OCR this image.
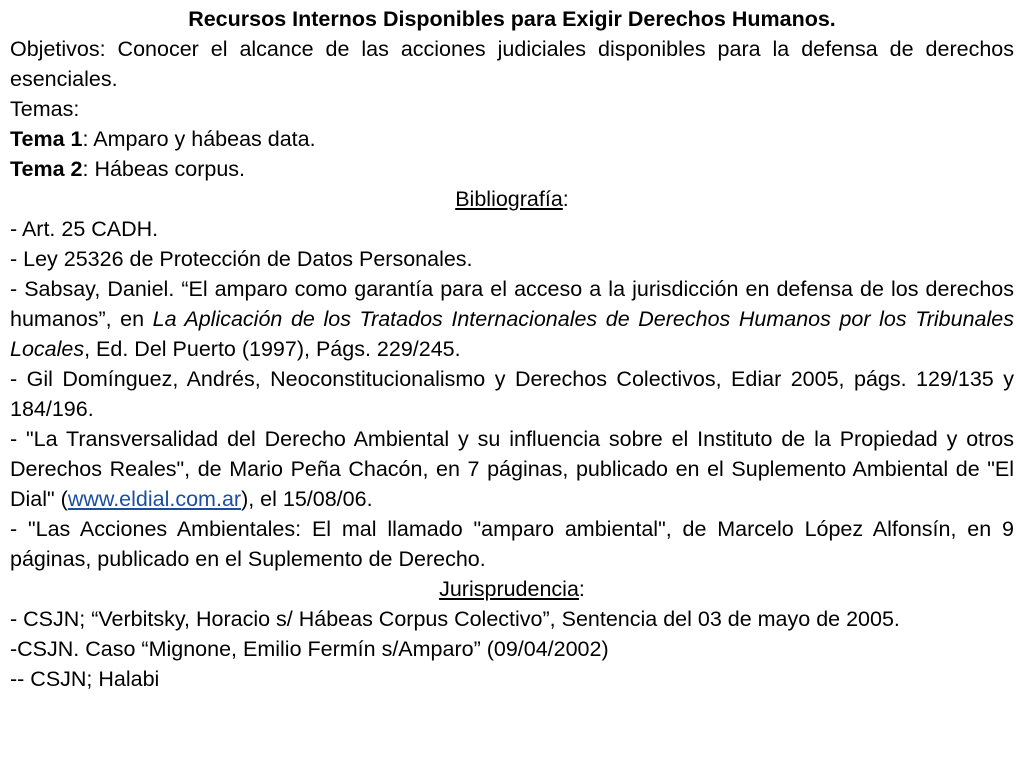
Recursos Internos Disponibles para Exigir Derechos Humanos.

Objetivos: Conocer el alcance de las acciones judiciales disponibles para la defensa de derechos esenciales.

Temas:

Tema 1: Amparo y hábeas data.

Tema 2: Hábeas corpus.

Bibliografía:

- Art. 25 CADH.

- Ley 25326 de Protección de Datos Personales.

- Sabsay, Daniel. “El amparo como garantía para el acceso a la jurisdicción en defensa de los derechos humanos”, en La Aplicación de los Tratados Internacionales de Derechos Humanos por los Tribunales Locales, Ed. Del Puerto (1997), Págs. 229/245.

- Gil Domínguez, Andrés, Neoconstitucionalismo y Derechos Colectivos, Ediar 2005, págs. 129/135 y 184/196.

- "La Transversalidad del Derecho Ambiental y su influencia sobre el Instituto de la Propiedad y otros Derechos Reales", de Mario Peña Chacón, en 7 páginas, publicado en el Suplemento Ambiental de "El Dial" (www.eldial.com.ar), el 15/08/06.

- "Las Acciones Ambientales: El mal llamado "amparo ambiental", de Marcelo López Alfonsín, en 9 páginas, publicado en el Suplemento de Derecho.

Jurisprudencia:

- CSJN; “Verbitsky, Horacio s/ Hábeas Corpus Colectivo”, Sentencia del 03 de mayo de 2005.

-CSJN. Caso “Mignone, Emilio Fermín s/Amparo” (09/04/2002)

-- CSJN; Halabi
